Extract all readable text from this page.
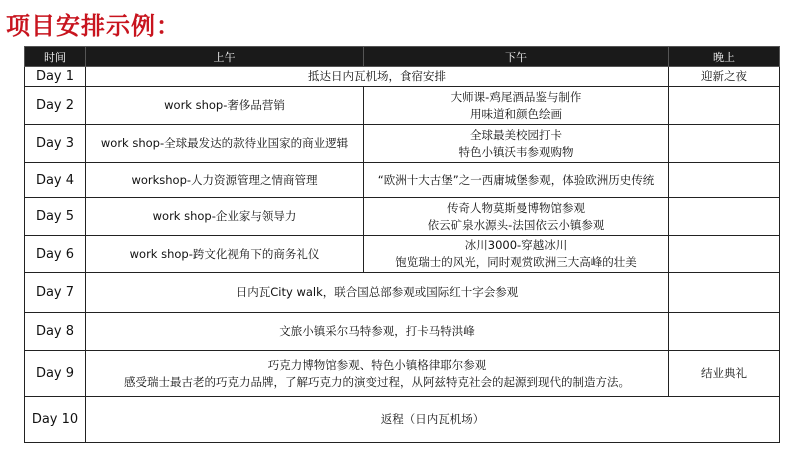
项目安排示例：
时间	上午	下午	晚上
Day 1	抵达日内瓦机场，食宿安排		迎新之夜

Day 2	work shop-奢侈品营销	大师课-鸡尾酒品鉴与制作
用味道和颜色绘画	

Day 3	work shop-全球最发达的款待业国家的商业逻辑	全球最美校园打卡
特色小镇沃韦参观购物	

Day 4	workshop-人力资源管理之情商管理	“欧洲十大古堡”之一西庸城堡参观，体验欧洲历史传统	

Day 5	work shop-企业家与领导力	传奇人物莫斯曼博物馆参观
依云矿泉水源头-法国依云小镇参观	

Day 6	work shop-跨文化视角下的商务礼仪	冰川3000-穿越冰川
饱览瑞士的风光，同时观赏欧洲三大高峰的壮美	

Day 7	日内瓦City walk，联合国总部参观或国际红十字会参观		

Day 8	文旅小镇采尔马特参观，打卡马特洪峰		

Day 9	巧克力博物馆参观、特色小镇格律耶尔参观
感受瑞士最古老的巧克力品牌，了解巧克力的演变过程，从阿兹特克社会的起源到现代的制造方法。		结业典礼

Day 10	返程（日内瓦机场）		
